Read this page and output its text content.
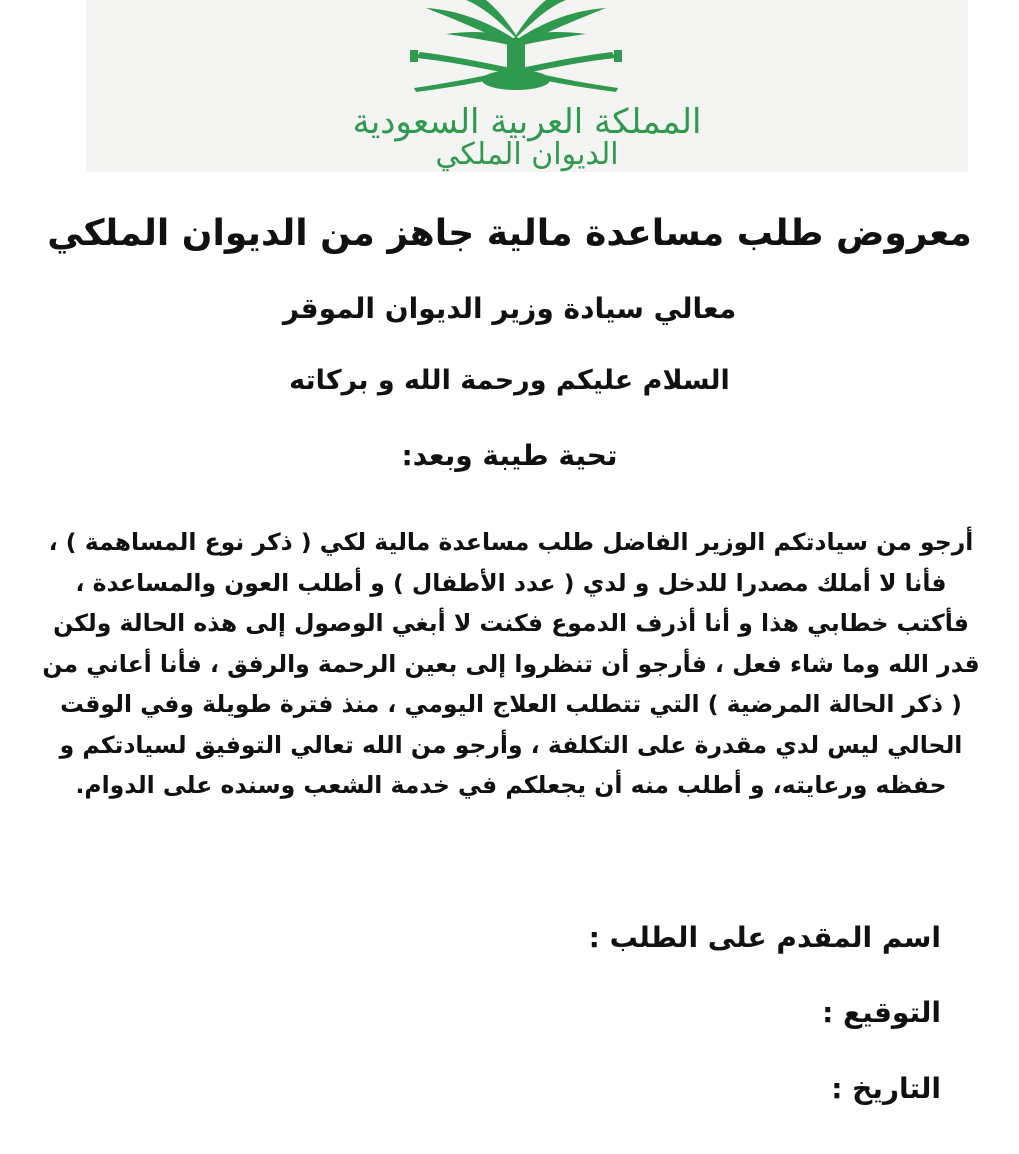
المملكة العربية السعودية
الديوان الملكي
معروض طلب مساعدة مالية جاهز من الديوان الملكي
معالي سيادة وزير الديوان الموقر
السلام عليكم ورحمة الله و بركاته
تحية طيبة وبعد:
أرجو من سيادتكم الوزير الفاضل طلب مساعدة مالية لكي ( ذكر نوع المساهمة ) ، فأنا لا أملك مصدرا للدخل و لدي ( عدد الأطفال ) و أطلب العون والمساعدة ، فأكتب خطابي هذا و أنا أذرف الدموع فكنت لا أبغي الوصول إلى هذه الحالة ولكن قدر الله وما شاء فعل ، فأرجو أن تنظروا إلى بعين الرحمة والرفق ، فأنا أعاني من ( ذكر الحالة المرضية ) التي تتطلب العلاج اليومي ، منذ فترة طويلة وفي الوقت الحالي ليس لدي مقدرة على التكلفة ، وأرجو من الله تعالي التوفيق لسيادتكم و حفظه ورعايته، و أطلب منه أن يجعلكم في خدمة الشعب وسنده على الدوام.
اسم المقدم على الطلب :
التوقيع :
التاريخ :
